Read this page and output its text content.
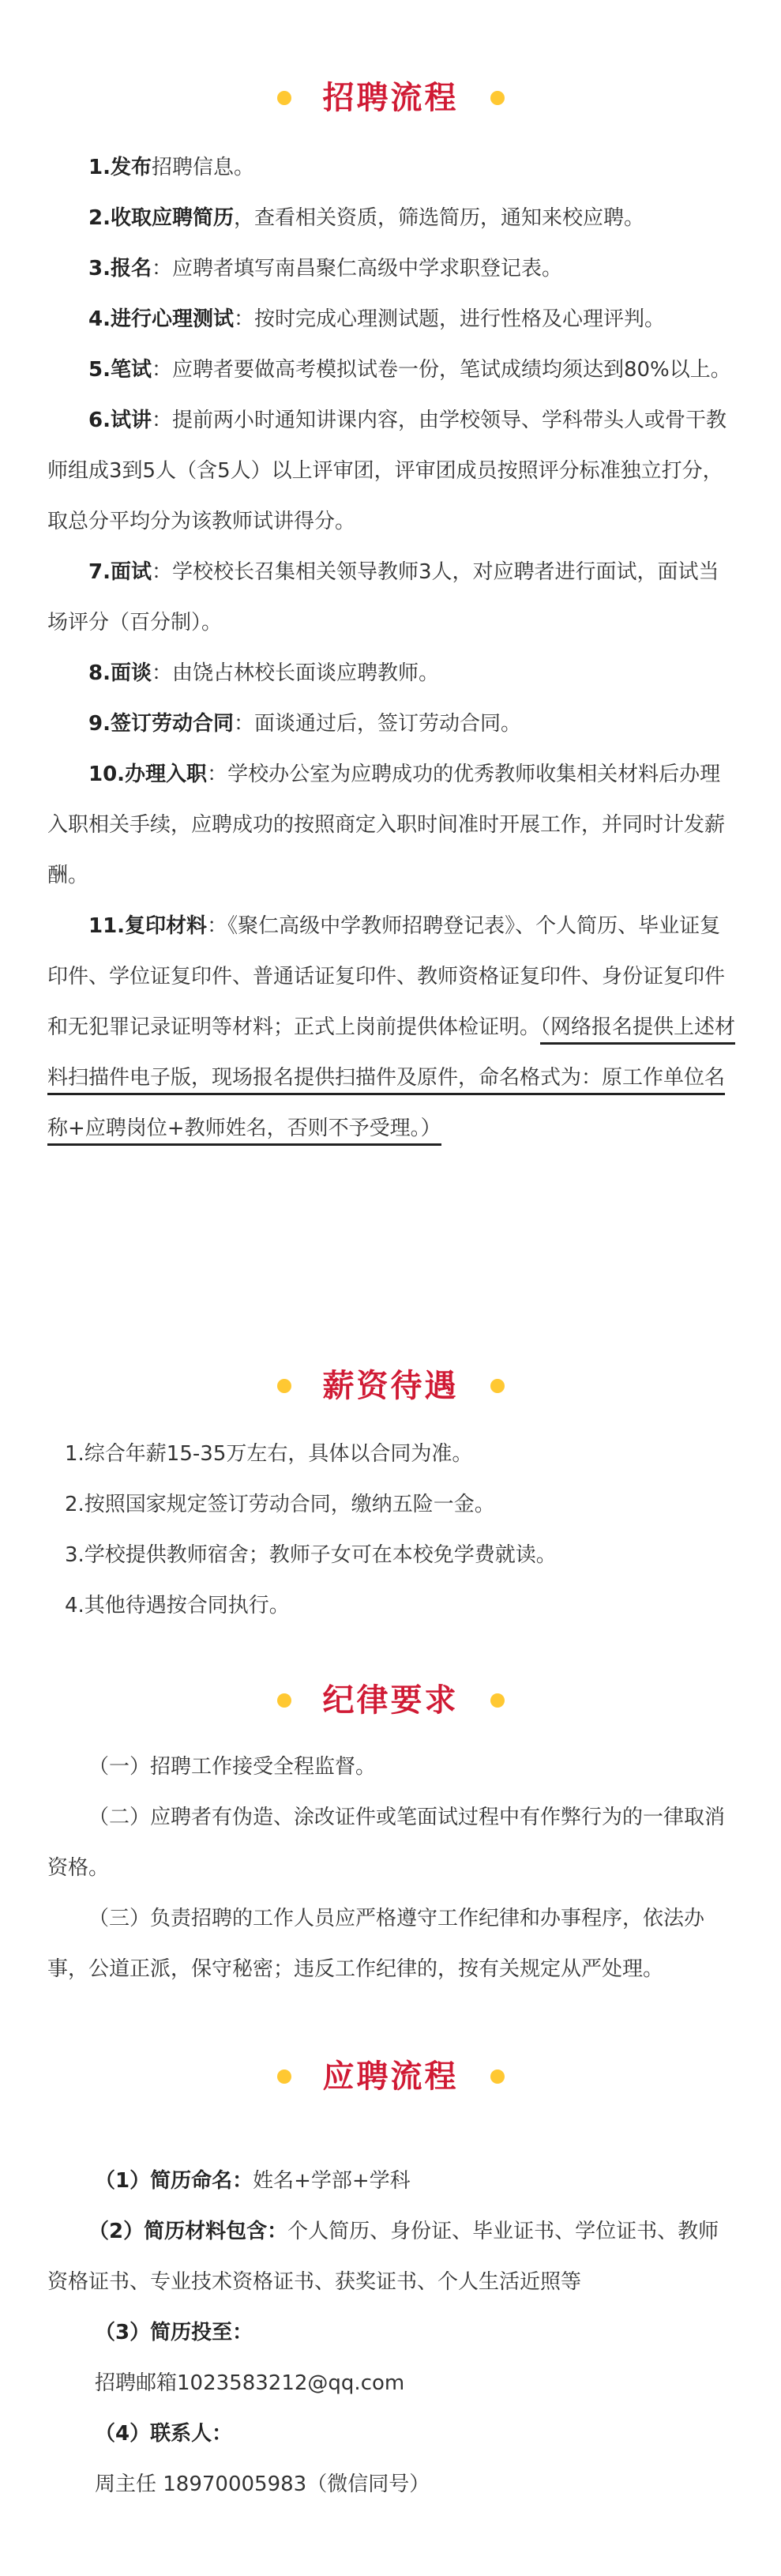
招聘流程

1.发布招聘信息。

2.收取应聘简历，查看相关资质，筛选简历，通知来校应聘。

3.报名：应聘者填写南昌聚仁高级中学求职登记表。

4.进行心理测试：按时完成心理测试题，进行性格及心理评判。

5.笔试：应聘者要做高考模拟试卷一份，笔试成绩均须达到80%以上。

6.试讲：提前两小时通知讲课内容，由学校领导、学科带头人或骨干教师组成3到5人（含5人）以上评审团，评审团成员按照评分标准独立打分，取总分平均分为该教师试讲得分。

7.面试：学校校长召集相关领导教师3人，对应聘者进行面试，面试当场评分（百分制）。

8.面谈：由饶占林校长面谈应聘教师。

9.签订劳动合同：面谈通过后，签订劳动合同。

10.办理入职：学校办公室为应聘成功的优秀教师收集相关材料后办理入职相关手续，应聘成功的按照商定入职时间准时开展工作，并同时计发薪酬。

11.复印材料：《聚仁高级中学教师招聘登记表》、个人简历、毕业证复印件、学位证复印件、普通话证复印件、教师资格证复印件、身份证复印件和无犯罪记录证明等材料；正式上岗前提供体检证明。（网络报名提供上述材料扫描件电子版，现场报名提供扫描件及原件，命名格式为：原工作单位名称+应聘岗位+教师姓名，否则不予受理。）

薪资待遇

1.综合年薪15-35万左右，具体以合同为准。

2.按照国家规定签订劳动合同，缴纳五险一金。

3.学校提供教师宿舍；教师子女可在本校免学费就读。

4.其他待遇按合同执行。

纪律要求

（一）招聘工作接受全程监督。

（二）应聘者有伪造、涂改证件或笔面试过程中有作弊行为的一律取消资格。

（三）负责招聘的工作人员应严格遵守工作纪律和办事程序，依法办事，公道正派，保守秘密；违反工作纪律的，按有关规定从严处理。

应聘流程

（1）简历命名：姓名+学部+学科

（2）简历材料包含：个人简历、身份证、毕业证书、学位证书、教师资格证书、专业技术资格证书、获奖证书、个人生活近照等

（3）简历投至：

招聘邮箱1023583212@qq.com

（4）联系人：

周主任 18970005983（微信同号）
